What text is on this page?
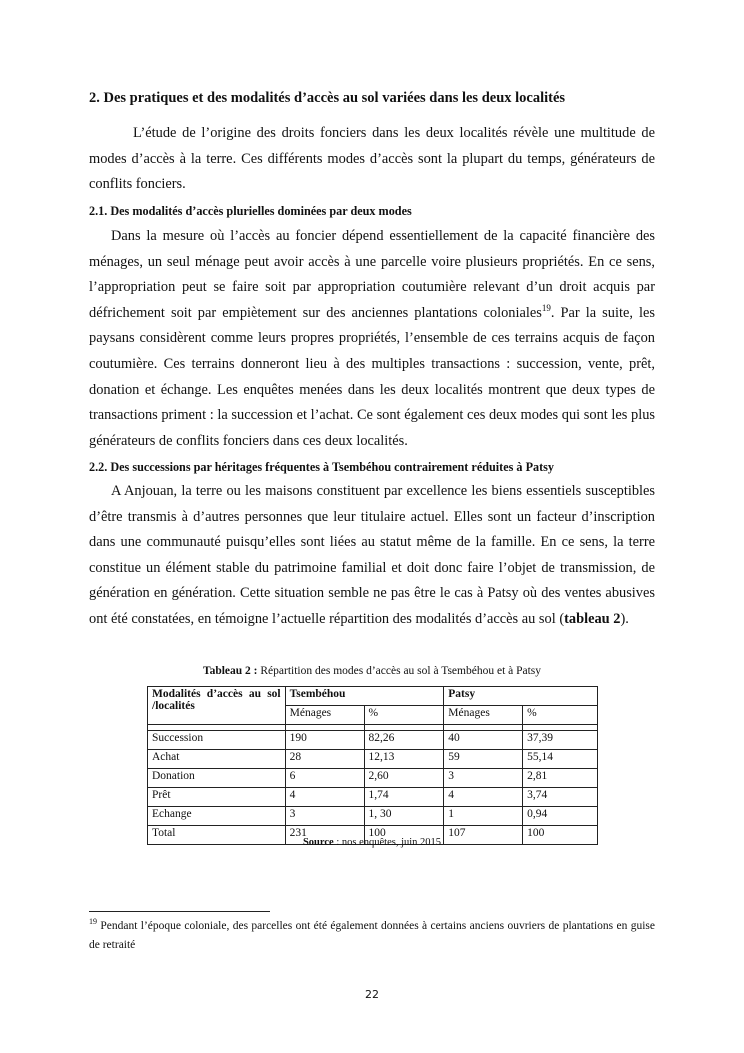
2. Des pratiques et des modalités d’accès au sol variées dans les deux localités

L’étude de l’origine des droits fonciers dans les deux localités révèle une multitude de modes d’accès à la terre. Ces différents modes d’accès sont la plupart du temps, générateurs de conflits fonciers.

2.1. Des modalités d’accès plurielles dominées par deux modes

Dans la mesure où l’accès au foncier dépend essentiellement de la capacité financière des ménages, un seul ménage peut avoir accès à une parcelle voire plusieurs propriétés. En ce sens, l’appropriation peut se faire soit par appropriation coutumière relevant d’un droit acquis par défrichement soit par empiètement sur des anciennes plantations coloniales$^{19}$. Par la suite, les paysans considèrent comme leurs propres propriétés, l’ensemble de ces terrains acquis de façon coutumière. Ces terrains donneront lieu à des multiples transactions : succession, vente, prêt, donation et échange. Les enquêtes menées dans les deux localités montrent que deux types de transactions priment : la succession et l’achat. Ce sont également ces deux modes qui sont les plus générateurs de conflits fonciers dans ces deux localités.

2.2. Des successions par héritages fréquentes à Tsembéhou contrairement réduites à Patsy

A Anjouan, la terre ou les maisons constituent par excellence les biens essentiels susceptibles d’être transmis à d’autres personnes que leur titulaire actuel. Elles sont un facteur d’inscription dans une communauté puisqu’elles sont liées au statut même de la famille. En ce sens, la terre constitue un élément stable du patrimoine familial et doit donc faire l’objet de transmission, de génération en génération. Cette situation semble ne pas être le cas à Patsy où des ventes abusives ont été constatées, en témoigne l’actuelle répartition des modalités d’accès au sol (tableau 2).

Tableau 2 : Répartition des modes d’accès au sol à Tsembéhou et à Patsy
Modalités d’accès au sol /localités	Tsembéhou		Patsy	
	Ménages	%	Ménages	%

Succession	190	82,26	40	37,39
Achat	28	12,13	59	55,14
Donation	6	2,60	3	2,81
Prêt	4	1,74	4	3,74
Echange	3	1, 30	1	0,94
Total	231	100	107	100
Source : nos enquêtes, juin 2015
$^{19}$ Pendant l’époque coloniale, des parcelles ont été également données à certains anciens ouvriers de plantations en guise de retraité
22
